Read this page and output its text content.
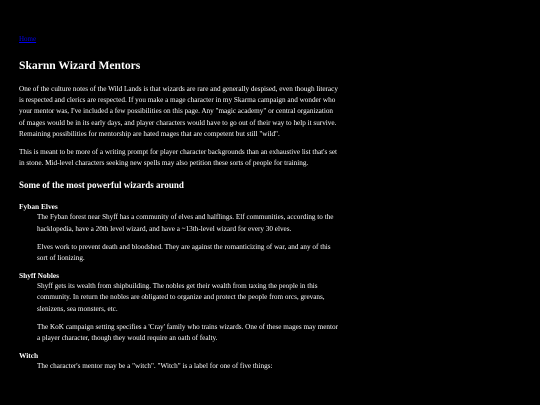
Home
Skarnn Wizard Mentors

One of the culture notes of the Wild Lands is that wizards are rare and generally despised, even though literacy is respected and clerics are respected. If you make a mage character in my Skarma campaign and wonder who your mentor was, I've included a few possibilities on this page. Any "magic academy" or central organization of mages would be in its early days, and player characters would have to go out of their way to help it survive. Remaining possibilities for mentorship are hated mages that are competent but still "wild".

This is meant to be more of a writing prompt for player character backgrounds than an exhaustive list that's set in stone. Mid-level characters seeking new spells may also petition these sorts of people for training.

Some of the most powerful wizards around
Fyban Elves

The Fyban forest near Shyff has a community of elves and halflings. Elf communities, according to the hacklopedia, have a 20th level wizard, and have a ~13th-level wizard for every 30 elves.

Elves work to prevent death and bloodshed. They are against the romanticizing of war, and any of this sort of lionizing.

Shyff Nobles

Shyff gets its wealth from shipbuilding. The nobles get their wealth from taxing the people in this community. In return the nobles are obligated to organize and protect the people from orcs, grevans, slenizens, sea monsters, etc.

The KoK campaign setting specifies a 'Cray' family who trains wizards. One of these mages may mentor a player character, though they would require an oath of fealty.

Witch

The character's mentor may be a "witch". "Witch" is a label for one of five things:
